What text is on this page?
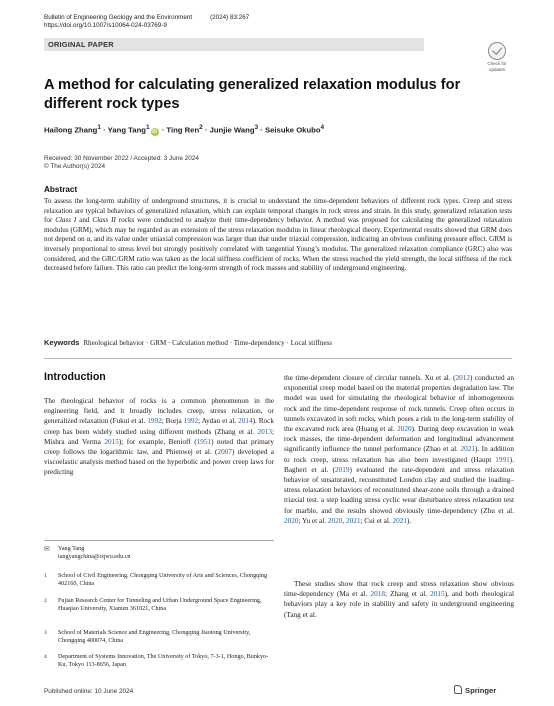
Bulletin of Engineering Geology and the Environment	(2024) 83:267
https://doi.org/10.1007/s10064-024-03769-9
ORIGINAL PAPER
Check for
updates
A method for calculating generalized relaxation modulus for different rock types
Hailong Zhang$^1$ · Yang Tang$^1$iD · Ting Ren$^2$ · Junjie Wang$^3$ · Seisuke Okubo$^4$
Received: 30 November 2022 / Accepted: 3 June 2024
© The Author(s) 2024
Abstract
To assess the long-term stability of underground structures, it is crucial to understand the time-dependent behaviors of different rock types. Creep and stress relaxation are typical behaviors of generalized relaxation, which can explain temporal changes in rock stress and strain. In this study, generalized relaxation tests for Class I and Class II rocks were conducted to analyze their time-dependency behavior. A method was proposed for calculating the generalized relaxation modulus (GRM), which may be regarded as an extension of the stress relaxation modulus in linear rheological theory. Experimental results showed that GRM does not depend on α, and its value under uniaxial compression was larger than that under triaxial compression, indicating an obvious confining pressure effect. GRM is inversely proportional to stress level but strongly positively correlated with tangential Young’s modulus. The generalized relaxation compliance (GRC) also was considered, and the GRC/GRM ratio was taken as the local stiffness coefficient of rocks. When the stress reached the yield strength, the local stiffness of the rock decreased before failure. This ratio can predict the long-term strength of rock masses and stability of underground engineering.
Keywords Rheological behavior · GRM · Calculation method · Time-dependency · Local stiffness
Introduction
The rheological behavior of rocks is a common phenomenon in the engineering field, and it broadly includes creep, stress relaxation, or generalized relaxation (Fukui et al. 1992; Borja 1992; Aydan et al. 2014). Rock creep has been widely studied using different methods (Zhang et al. 2013; Mishra and Verma 2015); for example, Benioff (1951) noted that primary creep follows the logarithmic law, and Phienwej et al. (2007) developed a viscoelastic analysis method based on the hyperbolic and power creep laws for predicting
the time-dependent closure of circular tunnels. Xu et al. (2012) conducted an exponential creep model based on the material properties degradation law. The model was used for simulating the rheological behavior of inhomogeneous rock and the time-dependent response of rock tunnels. Creep often occurs in tunnels excavated in soft rocks, which poses a risk to the long-term stability of the excavated rock area (Huang et al. 2020). During deep excavation in weak rock masses, the time-dependent deformation and longitudinal advancement significantly influence the tunnel performance (Zhao et al. 2021). In addition to rock creep, stress relaxation has also been investigated (Haupt 1991). Bagheri et al. (2019) evaluated the rate-dependent and stress relaxation behavior of unsaturated, reconstituted London clay and studied the loading–stress relaxation behaviors of reconstituted shear-zone soils through a drained triaxial test. a step loading stress cyclic wear disturbance stress relaxation test for marble, and the results showed obviously time-dependency (Zhu et al. 2020; Yu et al. 2020, 2021; Cui et al. 2021).
These studies show that rock creep and stress relaxation show obvious time-dependency (Ma et al. 2018; Zhang et al. 2015), and both rheological behaviors play a key role in stability and safety in underground engineering (Tang et al.
✉ Yang Tang
tangyangchina@cqwu.edu.cn
1 School of Civil Engineering, Chongqing University of Arts and Sciences, Chongqing 402160, China
2 Fujian Research Center for Tunneling and Urban Underground Space Engineering, Huaqiao University, Xiamen 361021, China
3 School of Materials Science and Engineering, Chongqing Jiaotong University, Chongqing 400074, China
4 Department of Systems Innovation, The University of Tokyo, 7-3-1, Hongo, Bunkyo-Ku, Tokyo 113-8656, Japan
Published online: 10 June 2024	Springer
